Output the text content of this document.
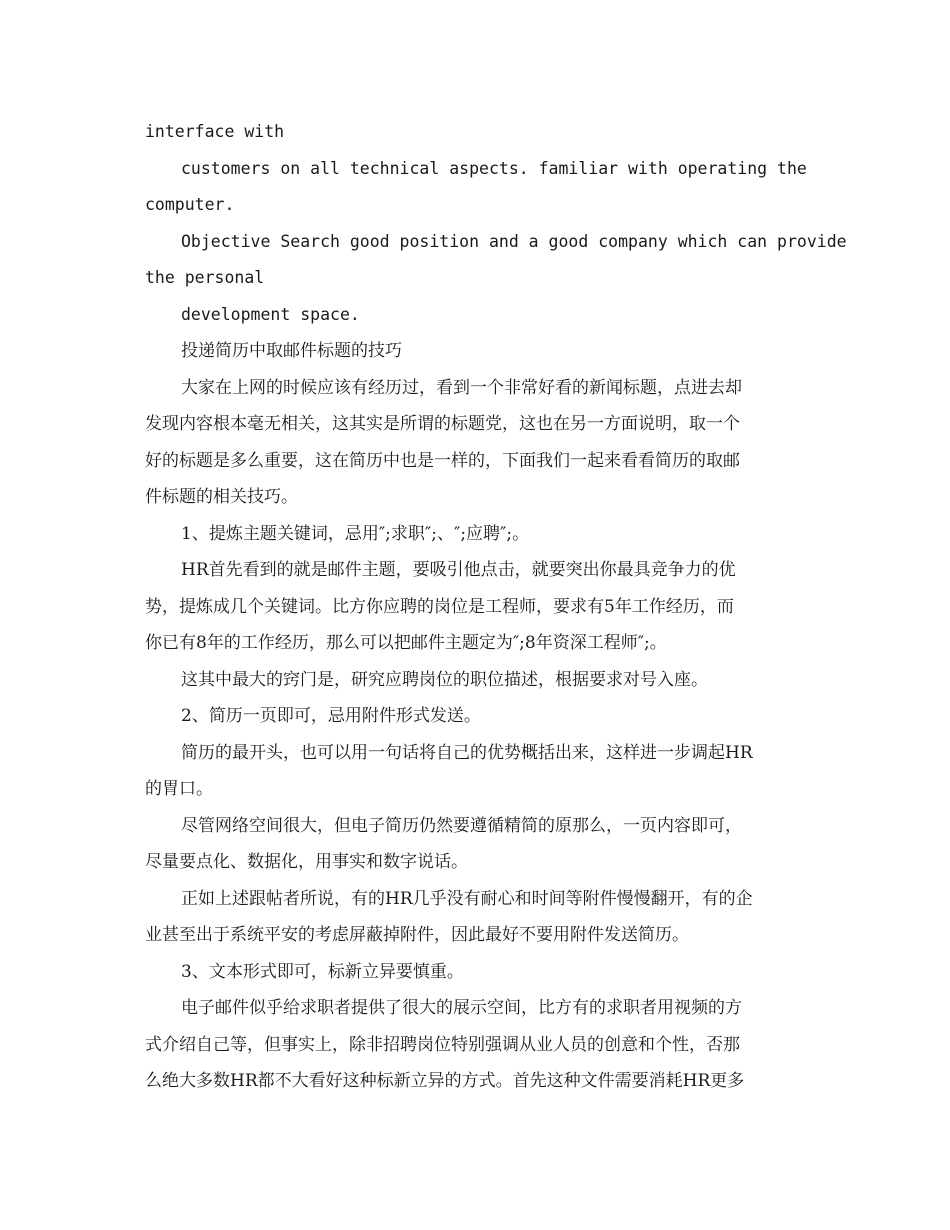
interface with
customers on all technical aspects. familiar with operating the
computer.
Objective Search good position and a good company which can provide
the personal
development space.
投递简历中取邮件标题的技巧
大家在上网的时候应该有经历过，看到一个非常好看的新闻标题，点进去却
发现内容根本毫无相关，这其实是所谓的标题党，这也在另一方面说明，取一个
好的标题是多么重要，这在简历中也是一样的，下面我们一起来看看简历的取邮
件标题的相关技巧。
1、提炼主题关键词，忌用″;求职″;、″;应聘″;。
HR首先看到的就是邮件主题，要吸引他点击，就要突出你最具竞争力的优
势，提炼成几个关键词。比方你应聘的岗位是工程师，要求有5年工作经历，而
你已有8年的工作经历，那么可以把邮件主题定为″;8年资深工程师″;。
这其中最大的窍门是，研究应聘岗位的职位描述，根据要求对号入座。
2、简历一页即可，忌用附件形式发送。
简历的最开头，也可以用一句话将自己的优势概括出来，这样进一步调起HR
的胃口。
尽管网络空间很大，但电子简历仍然要遵循精简的原那么，一页内容即可，
尽量要点化、数据化，用事实和数字说话。
正如上述跟帖者所说，有的HR几乎没有耐心和时间等附件慢慢翻开，有的企
业甚至出于系统平安的考虑屏蔽掉附件，因此最好不要用附件发送简历。
3、文本形式即可，标新立异要慎重。
电子邮件似乎给求职者提供了很大的展示空间，比方有的求职者用视频的方
式介绍自己等，但事实上，除非招聘岗位特别强调从业人员的创意和个性，否那
么绝大多数HR都不大看好这种标新立异的方式。首先这种文件需要消耗HR更多
